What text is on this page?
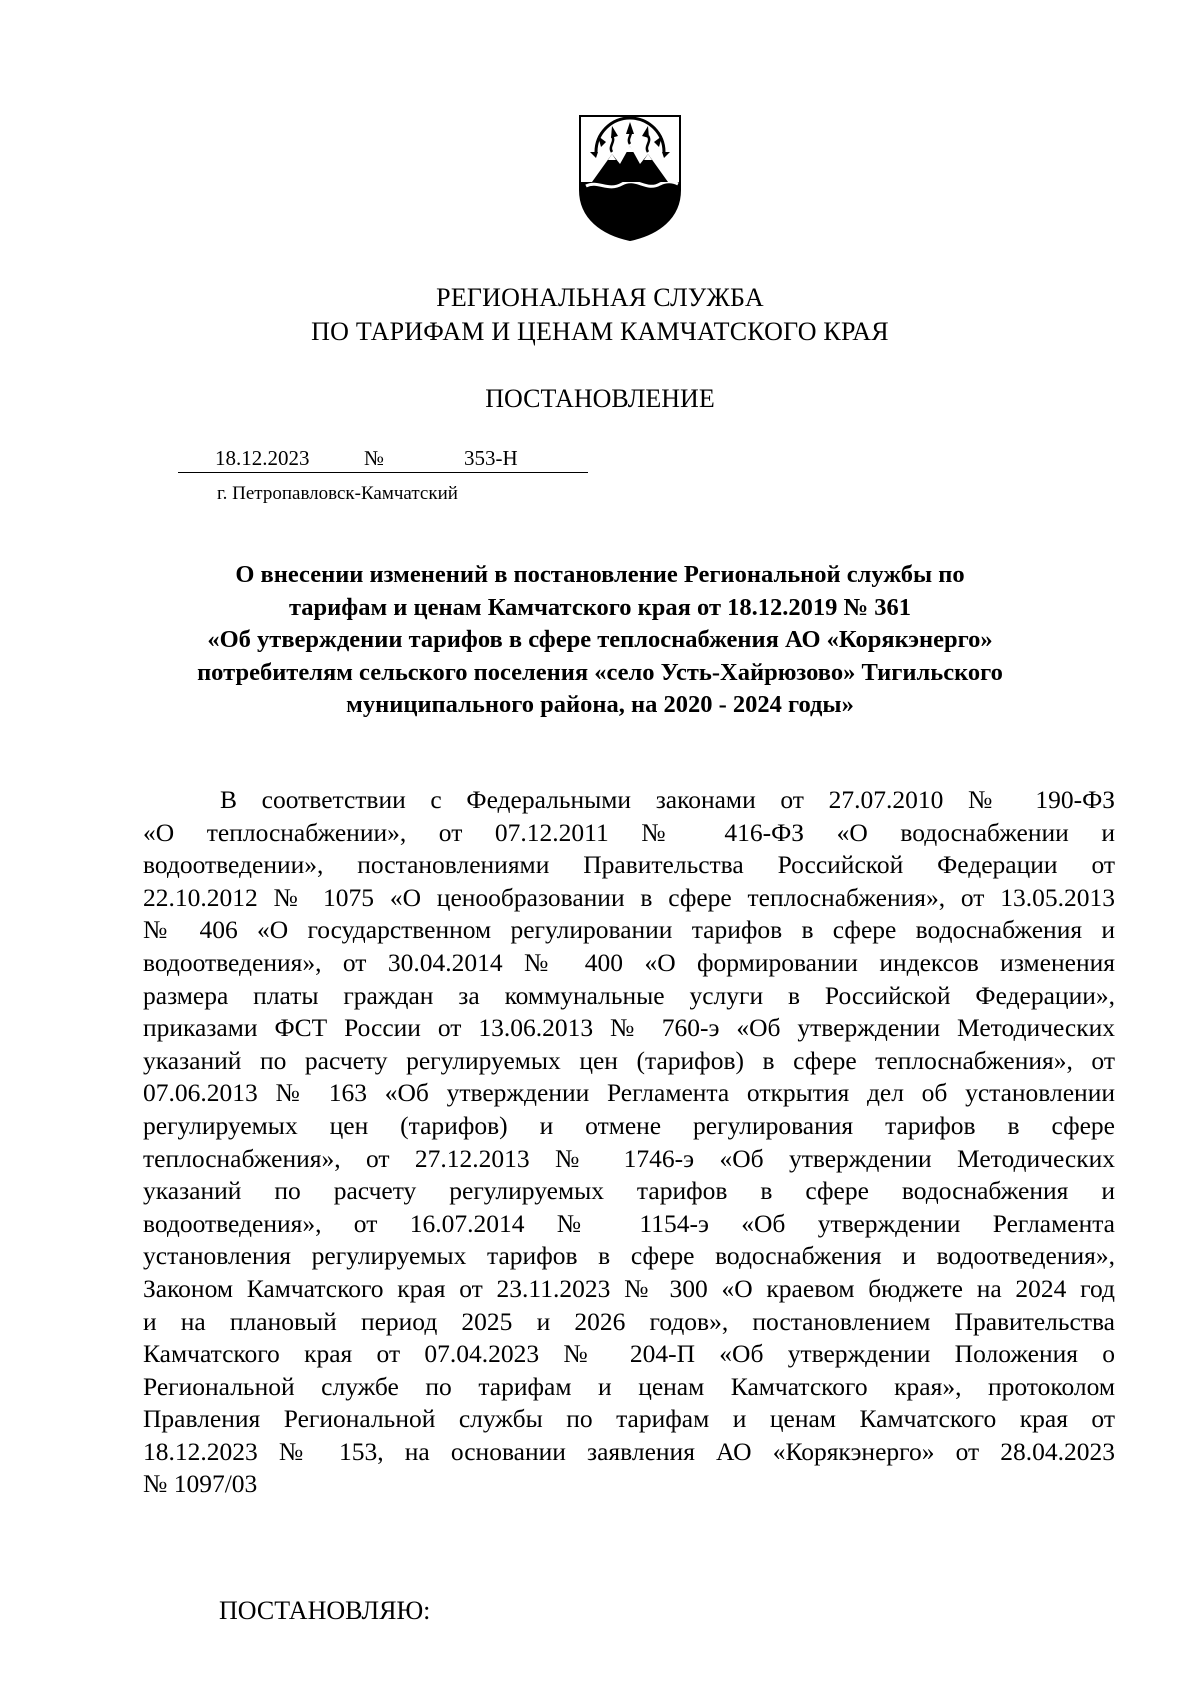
РЕГИОНАЛЬНАЯ СЛУЖБА
ПО ТАРИФАМ И ЦЕНАМ КАМЧАТСКОГО КРАЯ
ПОСТАНОВЛЕНИЕ
18.12.2023	№	353-Н
г. Петропавловск-Камчатский
О внесении изменений в постановление Региональной службы по
тарифам и ценам Камчатского края от 18.12.2019 № 361
«Об утверждении тарифов в сфере теплоснабжения АО «Корякэнерго»
потребителям сельского поселения «село Усть-Хайрюзово» Тигильского
муниципального района, на 2020 - 2024 годы»
В соответствии с Федеральными законами от 27.07.2010 № 190-ФЗ
«О теплоснабжении», от 07.12.2011 № 416-ФЗ «О водоснабжении и
водоотведении», постановлениями Правительства Российской Федерации от
22.10.2012 № 1075 «О ценообразовании в сфере теплоснабжения», от 13.05.2013
№ 406 «О государственном регулировании тарифов в сфере водоснабжения и
водоотведения», от 30.04.2014 № 400 «О формировании индексов изменения
размера платы граждан за коммунальные услуги в Российской Федерации»,
приказами ФСТ России от 13.06.2013 № 760-э «Об утверждении Методических
указаний по расчету регулируемых цен (тарифов) в сфере теплоснабжения», от
07.06.2013 № 163 «Об утверждении Регламента открытия дел об установлении
регулируемых цен (тарифов) и отмене регулирования тарифов в сфере
теплоснабжения», от 27.12.2013 № 1746-э «Об утверждении Методических
указаний по расчету регулируемых тарифов в сфере водоснабжения и
водоотведения», от 16.07.2014 № 1154-э «Об утверждении Регламента
установления регулируемых тарифов в сфере водоснабжения и водоотведения»,
Законом Камчатского края от 23.11.2023 № 300 «О краевом бюджете на 2024 год
и на плановый период 2025 и 2026 годов», постановлением Правительства
Камчатского края от 07.04.2023 № 204-П «Об утверждении Положения о
Региональной службе по тарифам и ценам Камчатского края», протоколом
Правления Региональной службы по тарифам и ценам Камчатского края от
18.12.2023 № 153, на основании заявления АО «Корякэнерго» от 28.04.2023
№ 1097/03
ПОСТАНОВЛЯЮ:
